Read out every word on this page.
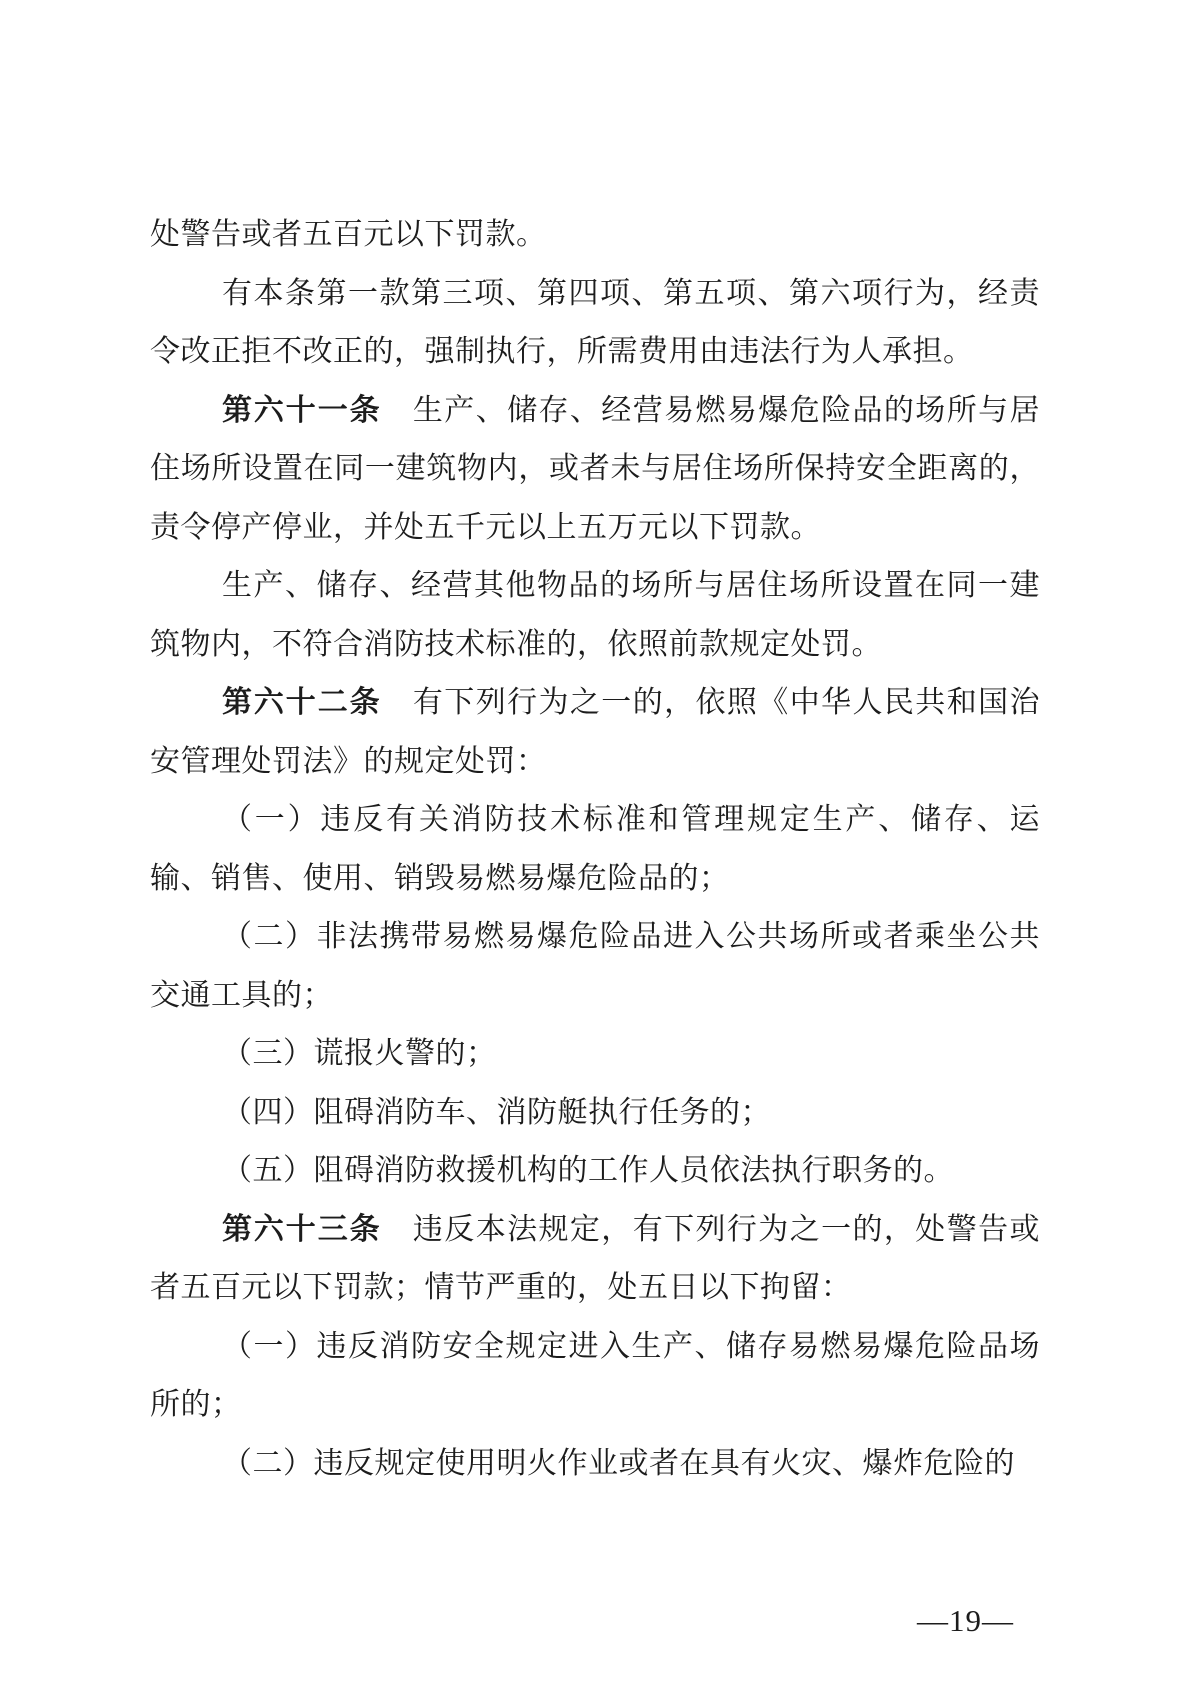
处警告或者五百元以下罚款。

有本条第一款第三项、第四项、第五项、第六项行为，经责令改正拒不改正的，强制执行，所需费用由违法行为人承担。

第六十一条　生产、储存、经营易燃易爆危险品的场所与居住场所设置在同一建筑物内，或者未与居住场所保持安全距离的，责令停产停业，并处五千元以上五万元以下罚款。

生产、储存、经营其他物品的场所与居住场所设置在同一建筑物内，不符合消防技术标准的，依照前款规定处罚。

第六十二条　有下列行为之一的，依照《中华人民共和国治安管理处罚法》的规定处罚：

（一）违反有关消防技术标准和管理规定生产、储存、运输、销售、使用、销毁易燃易爆危险品的；

（二）非法携带易燃易爆危险品进入公共场所或者乘坐公共交通工具的；

（三）谎报火警的；

（四）阻碍消防车、消防艇执行任务的；

（五）阻碍消防救援机构的工作人员依法执行职务的。

第六十三条　违反本法规定，有下列行为之一的，处警告或者五百元以下罚款；情节严重的，处五日以下拘留：

（一）违反消防安全规定进入生产、储存易燃易爆危险品场所的；

（二）违反规定使用明火作业或者在具有火灾、爆炸危险的

—19—
